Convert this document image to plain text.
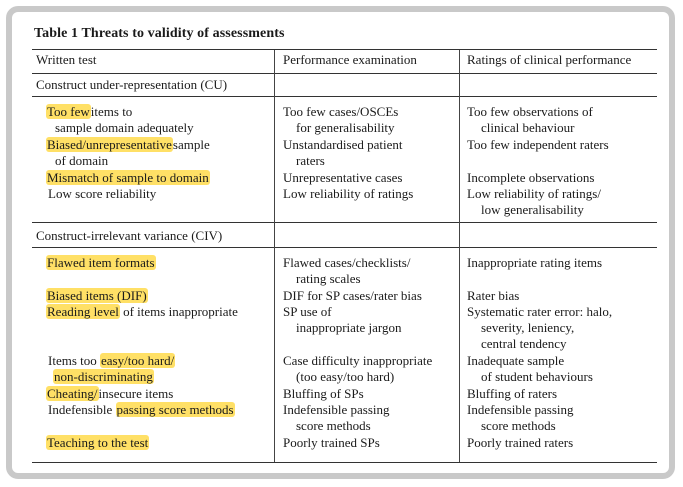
Table 1 Threats to validity of assessments
Written test	Performance examination	Ratings of clinical performance
Construct under-representation (CU)
Construct-irrelevant variance (CIV)
Too fewitems to
sample domain adequately
Biased/unrepresentativesample
of domain
Mismatch of sample to domain
Low score reliability
Flawed item formats
Biased items (DIF)
Reading level of items inappropriate
Items too easy/too hard/
non-discriminating
Cheating/insecure items
Indefensible passing score methods
Teaching to the test
Too few cases/OSCEs
for generalisability
Unstandardised patient
raters
Unrepresentative cases
Low reliability of ratings
Flawed cases/checklists/
rating scales
DIF for SP cases/rater bias
SP use of
inappropriate jargon
Case difficulty inappropriate
(too easy/too hard)
Bluffing of SPs
Indefensible passing
score methods
Poorly trained SPs
Too few observations of
clinical behaviour
Too few independent raters
Incomplete observations
Low reliability of ratings/
low generalisability
Inappropriate rating items
Rater bias
Systematic rater error: halo,
severity, leniency,
central tendency
Inadequate sample
of student behaviours
Bluffing of raters
Indefensible passing
score methods
Poorly trained raters
